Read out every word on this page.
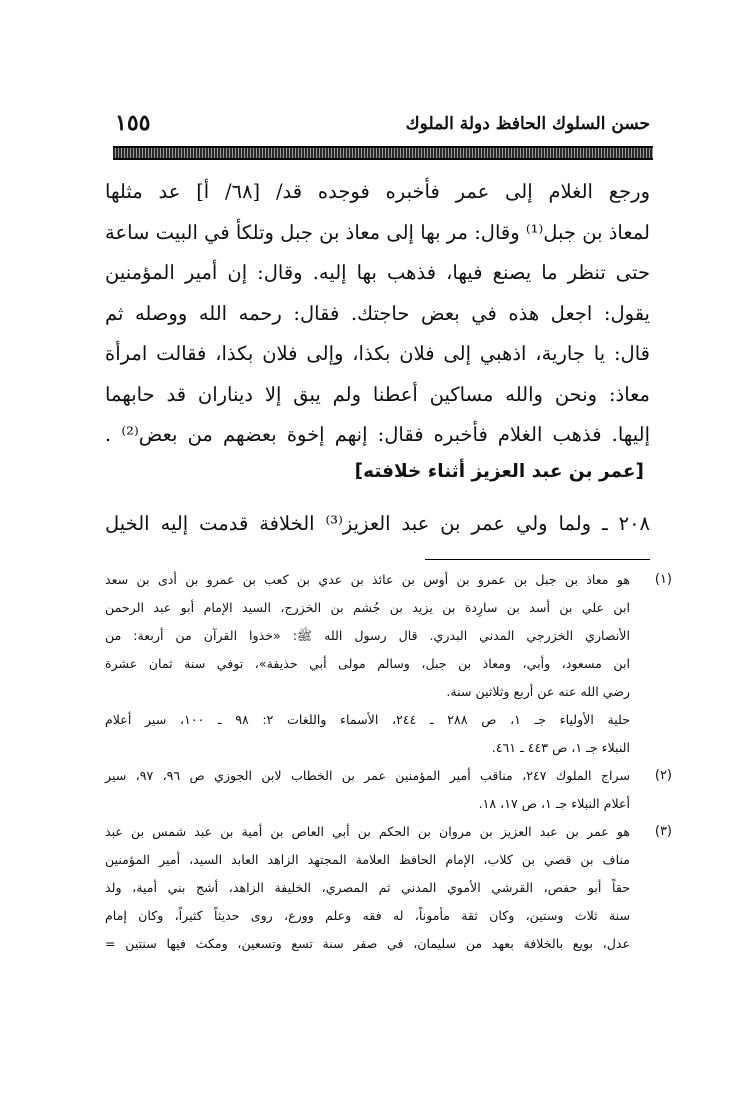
حسن السلوك الحافظ دولة الملوك
١٥٥
ورجع الغلام إلى عمر فأخبره فوجده قد/ [٦٨/ أ] عد مثلها
لمعاذ بن جبل⁽¹⁾ وقال: مر بها إلى معاذ بن جبل وتلكأ في البيت ساعة
حتى تنظر ما يصنع فيها، فذهب بها إليه. وقال: إن أمير المؤمنين
يقول: اجعل هذه في بعض حاجتك. فقال: رحمه الله ووصله ثم
قال: يا جارية، اذهبي إلى فلان بكذا، وإلى فلان بكذا، فقالت امرأة
معاذ: ونحن والله مساكين أعطنا ولم يبق إلا ديناران قد حابهما
إليها. فذهب الغلام فأخبره فقال: إنهم إخوة بعضهم من بعض⁽²⁾ .
[عمر بن عبد العزيز أثناء خلافته]
٢٠٨ ـ ولما ولي عمر بن عبد العزيز⁽³⁾ الخلافة قدمت إليه الخيل
(١)
هو معاذ بن جبل بن عمرو بن أوس بن عائذ بن عدي بن كعب بن عمرو بن أدى بن سعد
ابن علي بن أسد بن سارِدة بن يزيد بن جُشم بن الخزرج، السيد الإمام أبو عبد الرحمن
الأنصاري الخزرجي المدني البدري. قال رسول الله ﷺ: «خذوا القرآن من أربعة: من
ابن مسعود، وأبي، ومعاذ بن جبل، وسالم مولى أبي حذيفة»، توفي سنة ثمان عشرة
رضي الله عنه عن أربع وثلاثين سنة.
حلية الأولياء جـ ١، ص ٢٨٨ ـ ٢٤٤، الأسماء واللغات ٢: ٩٨ ـ ١٠٠، سير أعلام
النبلاء جـ ١، ص ٤٤٣ ـ ٤٦١.
(٢)
سراج الملوك ٢٤٧، مناقب أمير المؤمنين عمر بن الخطاب لابن الجوزي ص ٩٦، ٩٧، سير
أعلام النبلاء جـ ١، ص ١٧، ١٨.
(٣)
هو عمر بن عبد العزيز بن مروان بن الحكم بن أبي العاص بن أمية بن عبد شمس بن عبد
مناف بن قصي بن كلاب، الإمام الحافظ العلامة المجتهد الزاهد العابد السيد، أمير المؤمنين
حقاً أبو حفص، القرشي الأموي المدني ثم المصري، الخليفة الزاهد، أشج بني أمية، ولد
سنة ثلاث وستين، وكان ثقة مأموناً، له فقه وعلم وورع، روى حديثاً كثيراً، وكان إمام
عدل، بويع بالخلافة بعهد من سليمان، في صفر سنة تسع وتسعين، ومكث فيها سنتين =
